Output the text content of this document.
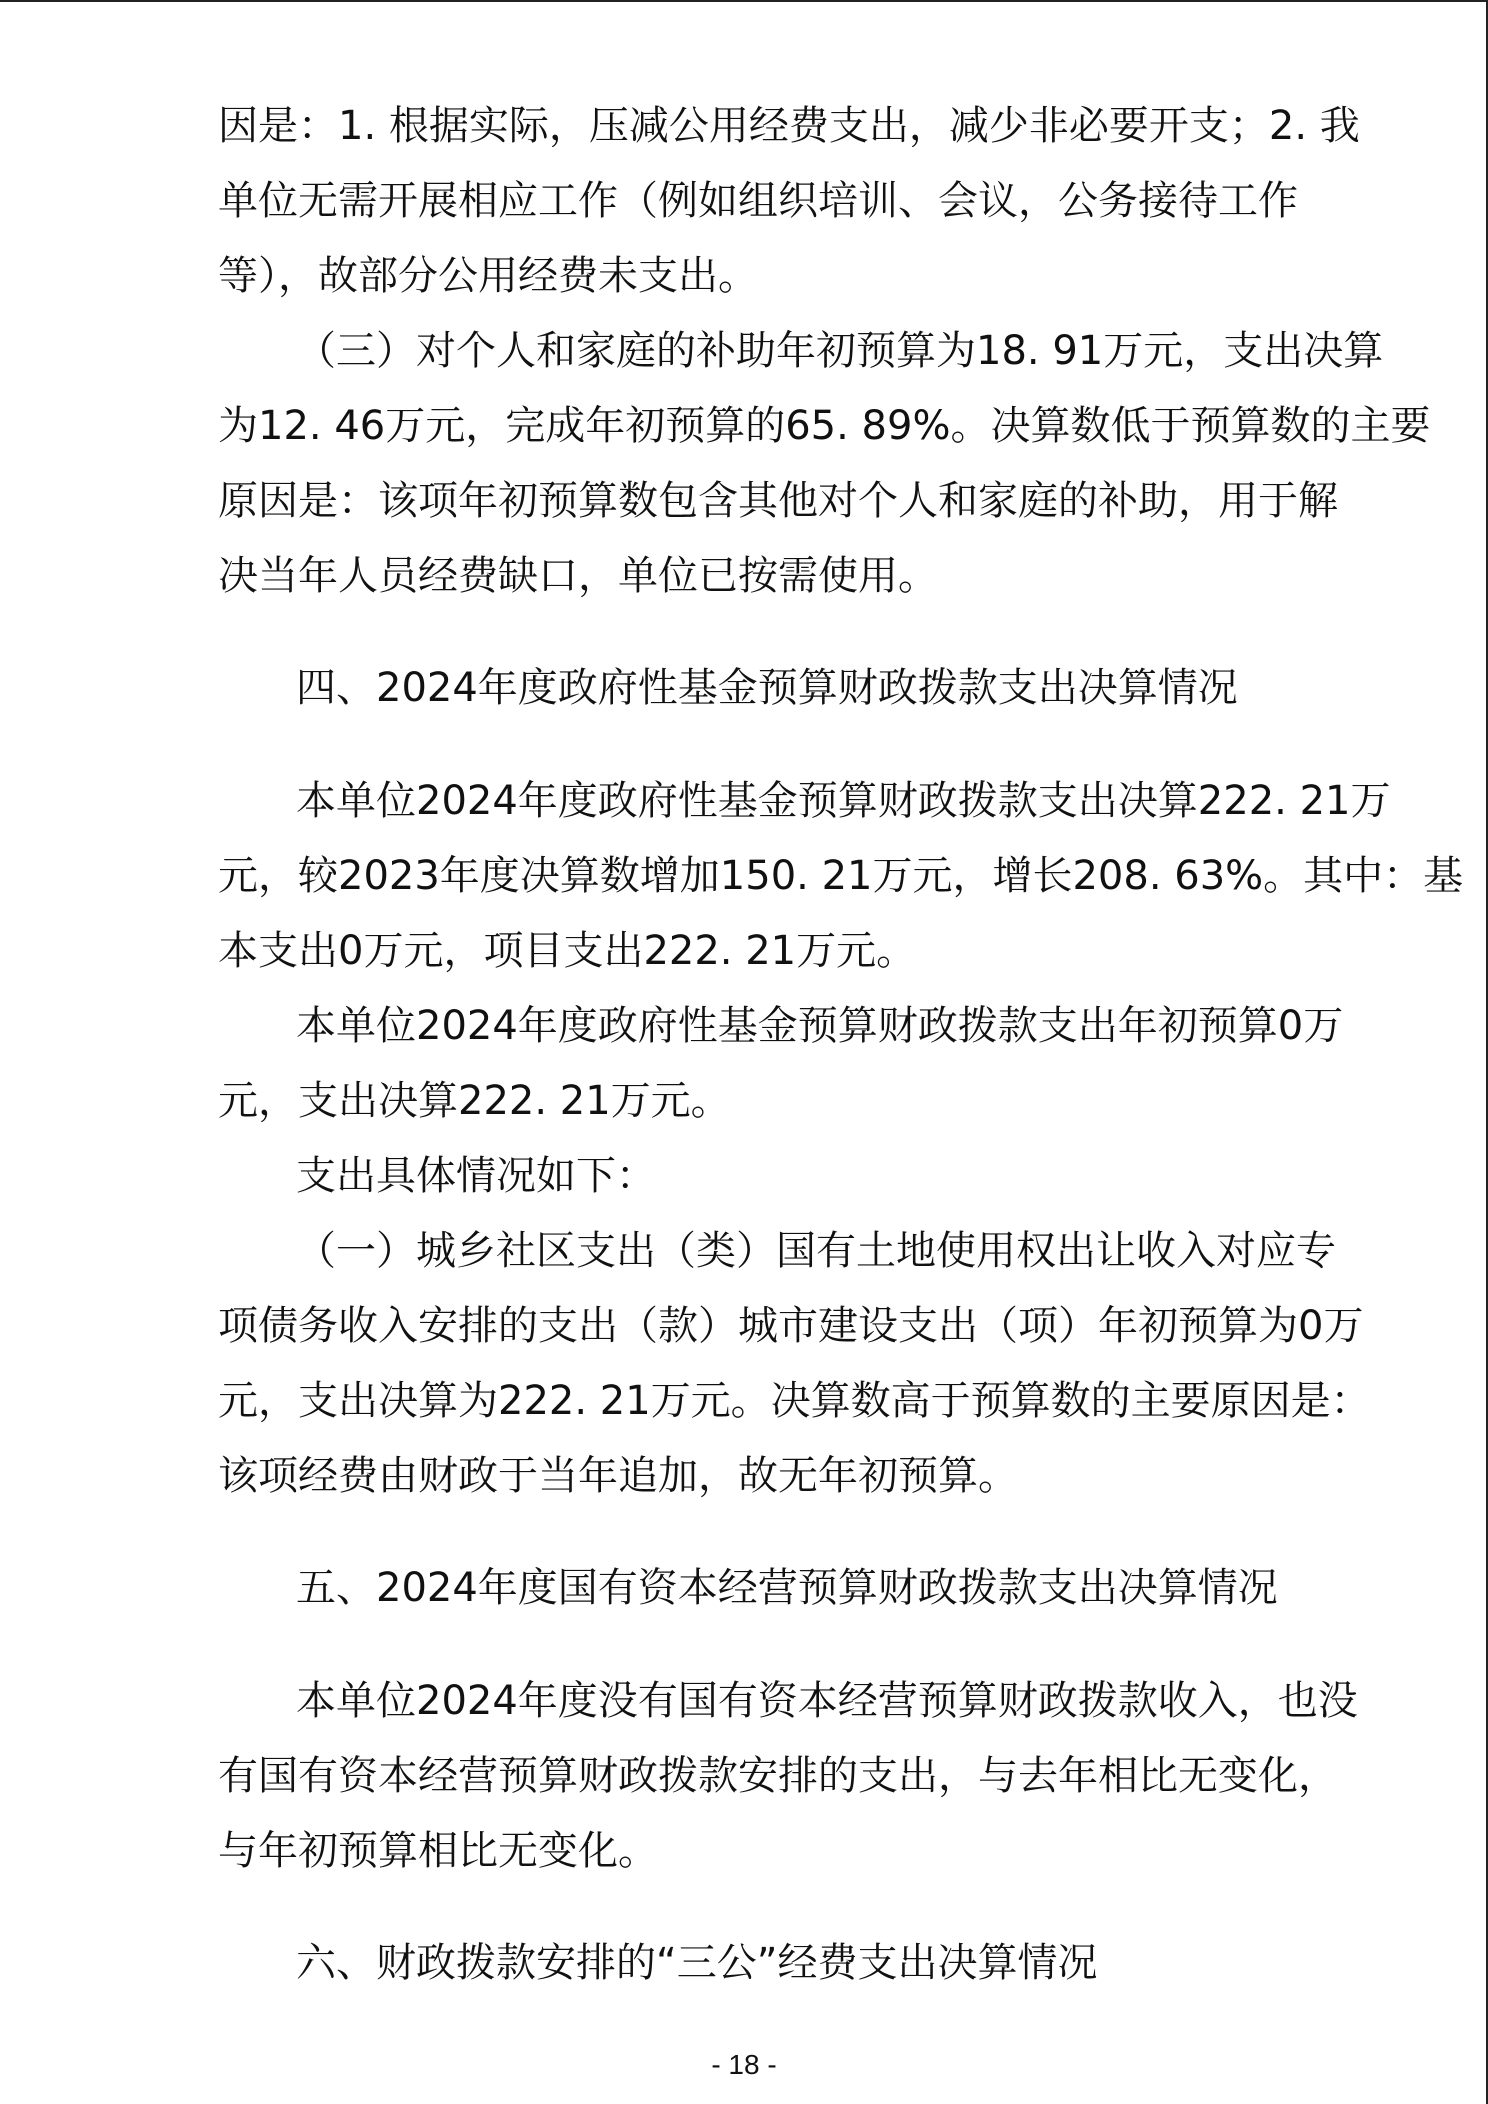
因是：1. 根据实际，压减公用经费支出，减少非必要开支；2. 我
单位无需开展相应工作（例如组织培训、会议，公务接待工作
等），故部分公用经费未支出。
（三）对个人和家庭的补助年初预算为18. 91万元，支出决算
为12. 46万元，完成年初预算的65. 89%。决算数低于预算数的主要
原因是：该项年初预算数包含其他对个人和家庭的补助，用于解
决当年人员经费缺口，单位已按需使用。
四、2024年度政府性基金预算财政拨款支出决算情况
本单位2024年度政府性基金预算财政拨款支出决算222. 21万
元，较2023年度决算数增加150. 21万元，增长208. 63%。其中：基
本支出0万元，项目支出222. 21万元。
本单位2024年度政府性基金预算财政拨款支出年初预算0万
元，支出决算222. 21万元。
支出具体情况如下：
（一）城乡社区支出（类）国有土地使用权出让收入对应专
项债务收入安排的支出（款）城市建设支出（项）年初预算为0万
元，支出决算为222. 21万元。决算数高于预算数的主要原因是：
该项经费由财政于当年追加，故无年初预算。
五、2024年度国有资本经营预算财政拨款支出决算情况
本单位2024年度没有国有资本经营预算财政拨款收入，也没
有国有资本经营预算财政拨款安排的支出，与去年相比无变化，
与年初预算相比无变化。
六、财政拨款安排的“三公”经费支出决算情况
- 18 -
